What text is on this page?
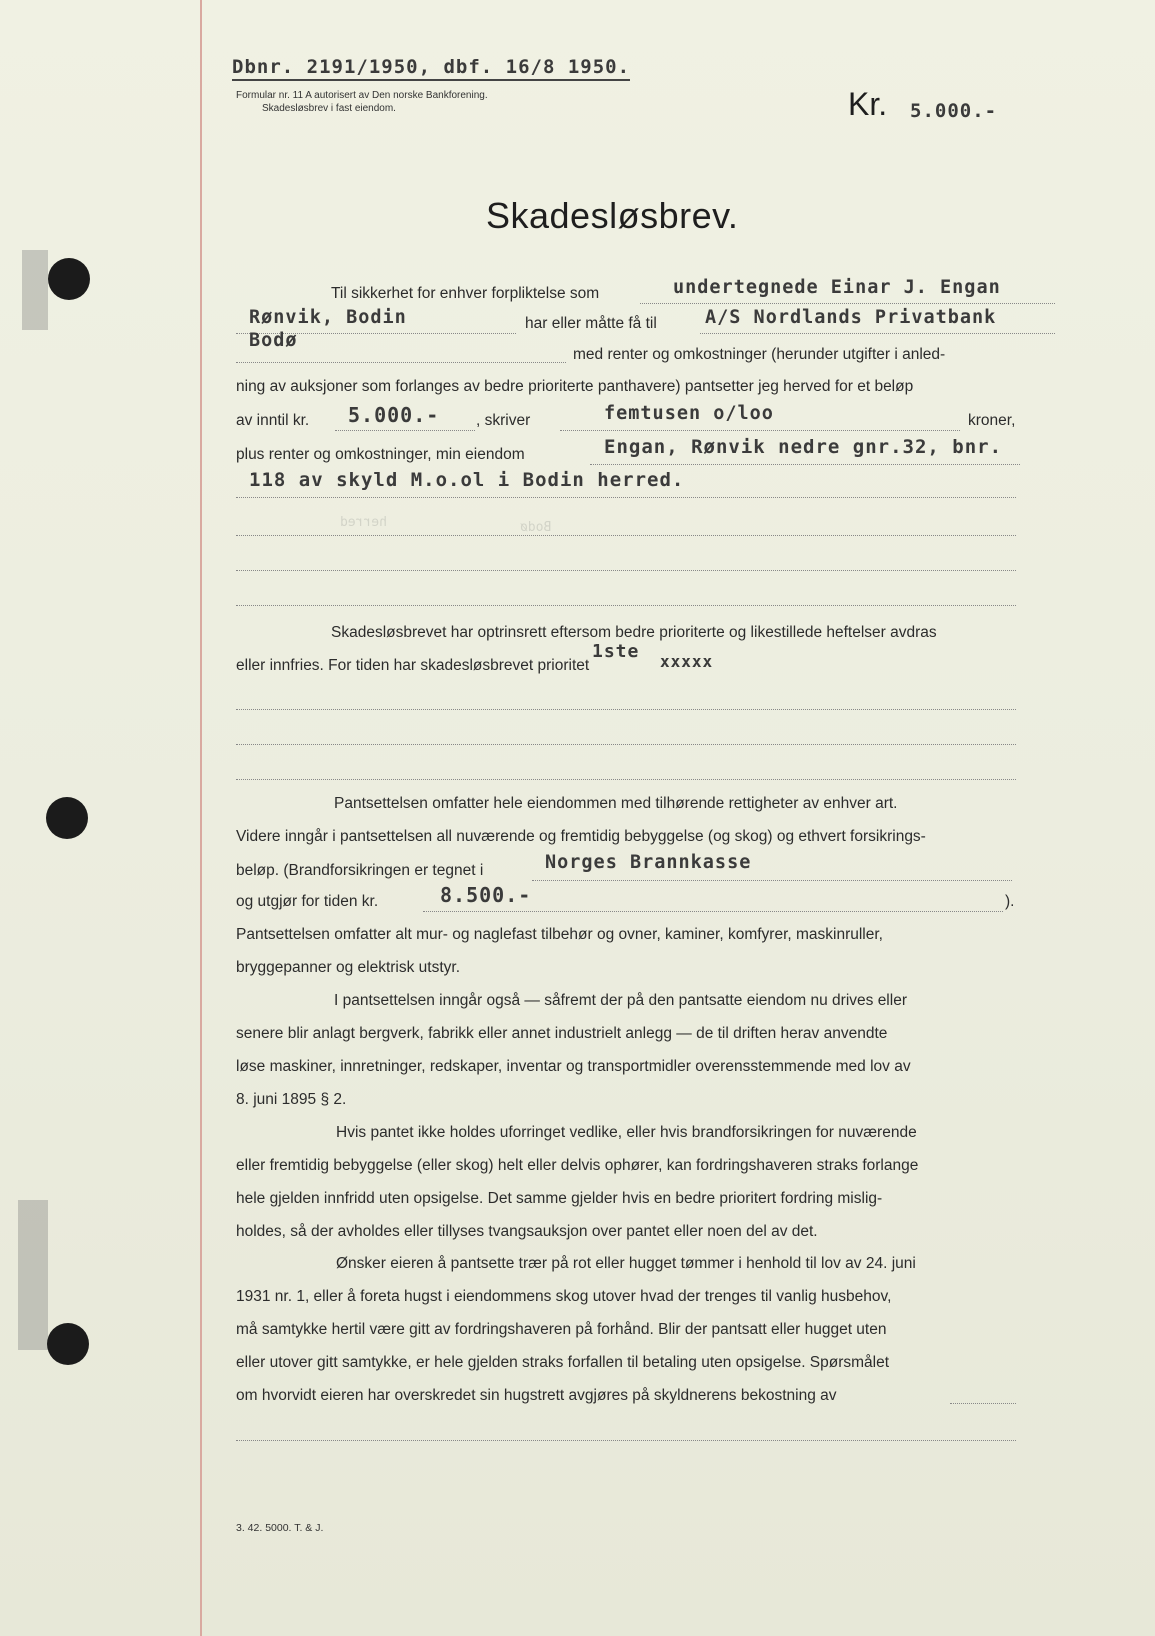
herred	Bodø
Dbnr. 2191/1950, dbf. 16/8 1950.
Formular nr. 11 A autorisert av Den norske Bankforening.
Skadesløsbrev i fast eiendom.	Kr. 5.000.-
Skadesløsbrev.
Til sikkerhet for enhver forpliktelse som	undertegnede Einar J. Engan
Rønvik, Bodin	har eller måtte få til	A/S Nordlands Privatbank
Bodø
med renter og omkostninger (herunder utgifter i anled-
ning av auksjoner som forlanges av bedre prioriterte panthavere) pantsetter jeg herved for et beløp
av inntil kr. 5.000.- , skriver	femtusen o/loo	kroner,
plus renter og omkostninger, min eiendom	Engan, Rønvik nedre gnr.32, bnr.
118 av skyld M.o.ol i Bodin herred.
Skadesløsbrevet har optrinsrett eftersom bedre prioriterte og likestillede heftelser avdras
eller innfries. For tiden har skadesløsbrevet prioritet
1ste xxxxx
Pantsettelsen omfatter hele eiendommen med tilhørende rettigheter av enhver art.
Videre inngår i pantsettelsen all nuværende og fremtidig bebyggelse (og skog) og ethvert forsikrings-
beløp. (Brandforsikringen er tegnet i	Norges Brannkasse
og utgjør for tiden kr.	8.500.-	).
Pantsettelsen omfatter alt mur- og naglefast tilbehør og ovner, kaminer, komfyrer, maskinruller,
bryggepanner og elektrisk utstyr.
I pantsettelsen inngår også — såfremt der på den pantsatte eiendom nu drives eller
senere blir anlagt bergverk, fabrikk eller annet industrielt anlegg — de til driften herav anvendte
løse maskiner, innretninger, redskaper, inventar og transportmidler overensstemmende med lov av
8. juni 1895 § 2.
Hvis pantet ikke holdes uforringet vedlike, eller hvis brandforsikringen for nuværende
eller fremtidig bebyggelse (eller skog) helt eller delvis ophører, kan fordringshaveren straks forlange
hele gjelden innfridd uten opsigelse. Det samme gjelder hvis en bedre prioritert fordring mislig-
holdes, så der avholdes eller tillyses tvangsauksjon over pantet eller noen del av det.
Ønsker eieren å pantsette trær på rot eller hugget tømmer i henhold til lov av 24. juni
1931 nr. 1, eller å foreta hugst i eiendommens skog utover hvad der trenges til vanlig husbehov,
må samtykke hertil være gitt av fordringshaveren på forhånd. Blir der pantsatt eller hugget uten
eller utover gitt samtykke, er hele gjelden straks forfallen til betaling uten opsigelse. Spørsmålet
om hvorvidt eieren har overskredet sin hugstrett avgjøres på skyldnerens bekostning av
3. 42. 5000. T. & J.
